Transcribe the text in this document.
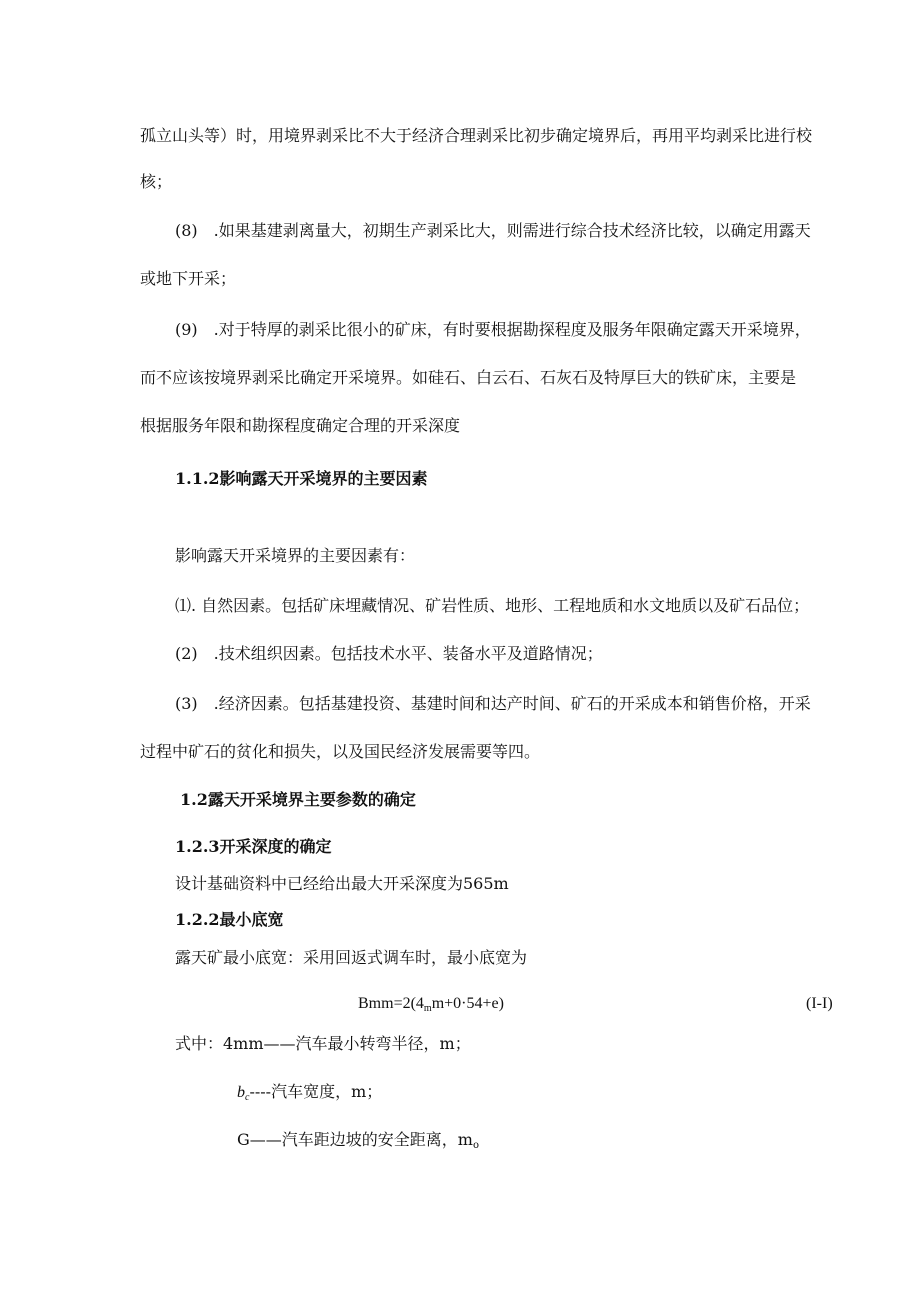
孤立山头等）时，用境界剥采比不大于经济合理剥采比初步确定境界后，再用平均剥采比进行校
核；
(8)　.如果基建剥离量大，初期生产剥采比大，则需进行综合技术经济比较，以确定用露天
或地下开采；
(9)　.对于特厚的剥采比很小的矿床，有时要根据勘探程度及服务年限确定露天开采境界，
而不应该按境界剥采比确定开采境界。如硅石、白云石、石灰石及特厚巨大的铁矿床，主要是
根据服务年限和勘探程度确定合理的开采深度
1.1.2影响露天开采境界的主要因素
影响露天开采境界的主要因素有：
⑴. 自然因素。包括矿床埋藏情况、矿岩性质、地形、工程地质和水文地质以及矿石品位；
(2)　.技术组织因素。包括技术水平、装备水平及道路情况；
(3)　.经济因素。包括基建投资、基建时间和达产时间、矿石的开采成本和销售价格，开采
过程中矿石的贫化和损失，以及国民经济发展需要等四。
1.2露天开采境界主要参数的确定
1.2.3开采深度的确定
设计基础资料中已经给出最大开采深度为565m
1.2.2最小底宽
露天矿最小底宽：采用回返式调车时，最小底宽为
$Bmm=2(4_mm+0\cdot 54+e)$	(I-I)
式中：4mm——汽车最小转弯半径，m；
$b_c----$汽车宽度，m；
G——汽车距边坡的安全距离，$m_o$
